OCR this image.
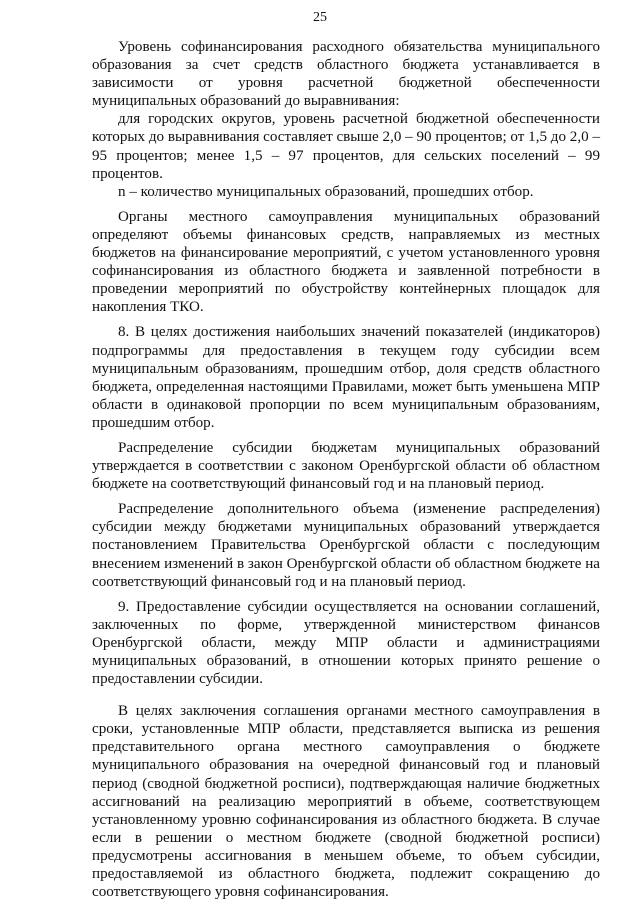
25

Уровень софинансирования расходного обязательства муниципального образования за счет средств областного бюджета устанавливается в зависимости от уровня расчетной бюджетной обеспеченности муниципальных образований до выравнивания:

для городских округов, уровень расчетной бюджетной обеспеченности которых до выравнивания составляет свыше 2,0 – 90 процентов; от 1,5 до 2,0 – 95 процентов; менее 1,5 – 97 процентов, для сельских поселений – 99 процентов.

n – количество муниципальных образований, прошедших отбор.

Органы местного самоуправления муниципальных образований определяют объемы финансовых средств, направляемых из местных бюджетов на финансирование мероприятий, с учетом установленного уровня софинансирования из областного бюджета и заявленной потребности в проведении мероприятий по обустройству контейнерных площадок для накопления ТКО.

8. В целях достижения наибольших значений показателей (индикаторов) подпрограммы для предоставления в текущем году субсидии всем муниципальным образованиям, прошедшим отбор, доля средств областного бюджета, определенная настоящими Правилами, может быть уменьшена МПР области в одинаковой пропорции по всем муниципальным образованиям, прошедшим отбор.

Распределение субсидии бюджетам муниципальных образований утверждается в соответствии с законом Оренбургской области об областном бюджете на соответствующий финансовый год и на плановый период.

Распределение дополнительного объема (изменение распределения) субсидии между бюджетами муниципальных образований утверждается постановлением Правительства Оренбургской области с последующим внесением изменений в закон Оренбургской области об областном бюджете на соответствующий финансовый год и на плановый период.

9. Предоставление субсидии осуществляется на основании соглашений, заключенных по форме, утвержденной министерством финансов Оренбургской области, между МПР области и администрациями муниципальных образований, в отношении которых принято решение о предоставлении субсидии.

В целях заключения соглашения органами местного самоуправления в сроки, установленные МПР области, представляется выписка из решения представительного органа местного самоуправления о бюджете муниципального образования на очередной финансовый год и плановый период (сводной бюджетной росписи), подтверждающая наличие бюджетных ассигнований на реализацию мероприятий в объеме, соответствующем установленному уровню софинансирования из областного бюджета. В случае если в решении о местном бюджете (сводной бюджетной росписи) предусмотрены ассигнования в меньшем объеме, то объем субсидии, предоставляемой из областного бюджета, подлежит сокращению до соответствующего уровня софинансирования.
